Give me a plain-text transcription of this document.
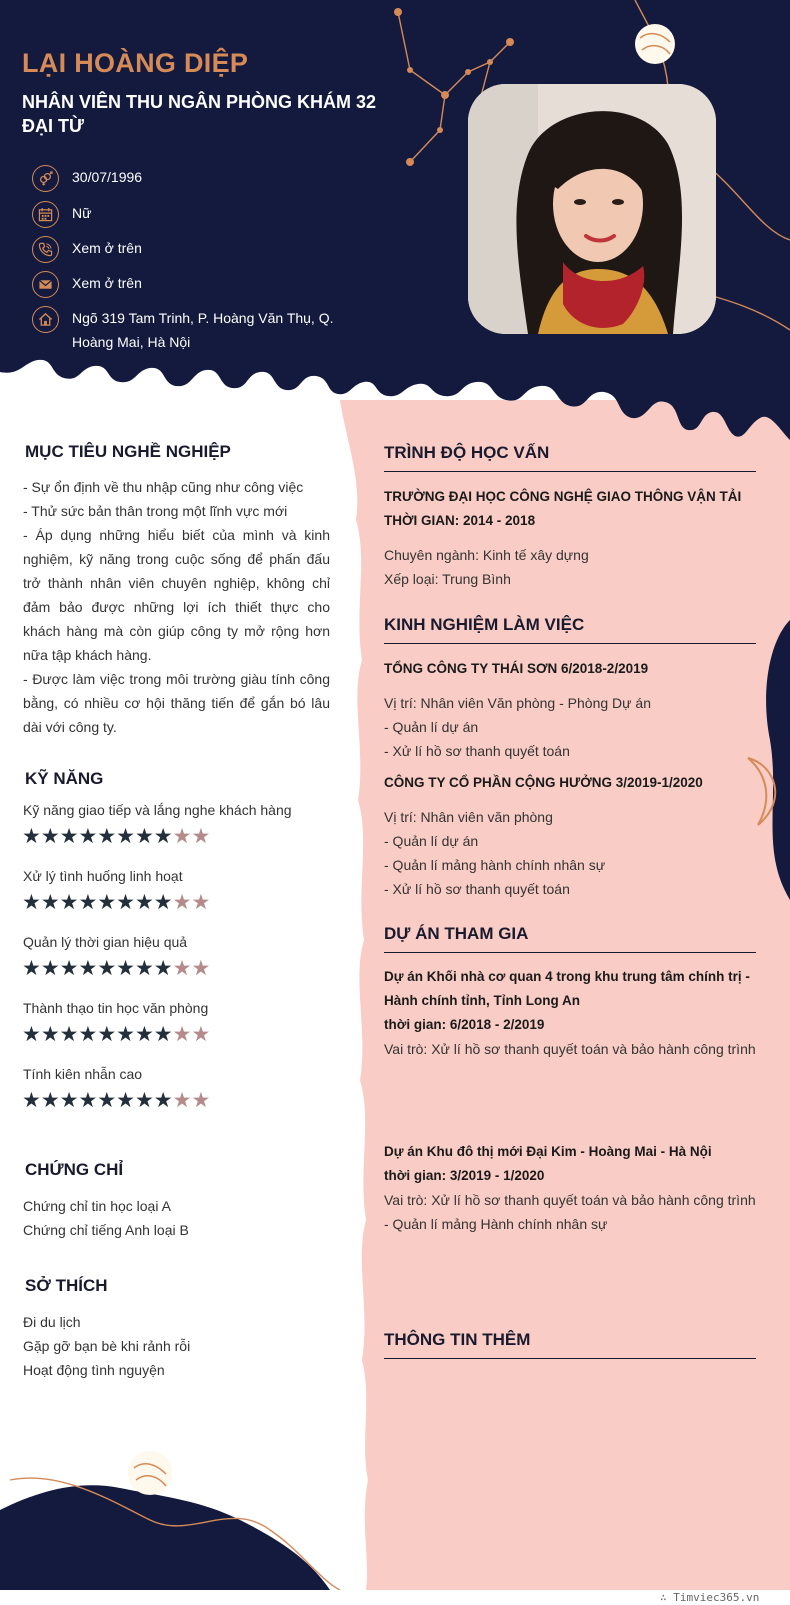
LẠI HOÀNG DIỆP
NHÂN VIÊN THU NGÂN PHÒNG KHÁM 32 ĐẠI TỪ
30/07/1996
Nữ
Xem ở trên
Xem ở trên
Ngõ 319 Tam Trinh, P. Hoàng Văn Thụ, Q. Hoàng Mai, Hà Nội
MỤC TIÊU NGHỀ NGHIỆP
- Sự ổn định về thu nhập cũng như công việc
- Thử sức bản thân trong một lĩnh vực mới
- Áp dụng những hiểu biết của mình và kinh nghiệm, kỹ năng trong cuộc sống để phấn đấu trở thành nhân viên chuyên nghiệp, không chỉ đảm bảo được những lợi ích thiết thực cho khách hàng mà còn giúp công ty mở rộng hơn nữa tập khách hàng.
- Được làm việc trong môi trường giàu tính công bằng, có nhiều cơ hội thăng tiến để gắn bó lâu dài với công ty.
KỸ NĂNG
Kỹ năng giao tiếp và lắng nghe khách hàng
★ ★ ★ ★ ★ ★ ★ ★ ★ ★
Xử lý tình huống linh hoạt
★ ★ ★ ★ ★ ★ ★ ★ ★ ★
Quản lý thời gian hiệu quả
★ ★ ★ ★ ★ ★ ★ ★ ★ ★
Thành thạo tin học văn phòng
★ ★ ★ ★ ★ ★ ★ ★ ★ ★
Tính kiên nhẫn cao
★ ★ ★ ★ ★ ★ ★ ★ ★ ★
CHỨNG CHỈ
Chứng chỉ tin học loại A
Chứng chỉ tiếng Anh loại B
SỞ THÍCH
Đi du lịch
Gặp gỡ bạn bè khi rảnh rỗi
Hoạt động tình nguyện
TRÌNH ĐỘ HỌC VẤN
TRƯỜNG ĐẠI HỌC CÔNG NGHỆ GIAO THÔNG VẬN TẢI
THỜI GIAN: 2014 - 2018
Chuyên ngành: Kinh tế xây dựng
Xếp loại: Trung Bình
KINH NGHIỆM LÀM VIỆC
TỔNG CÔNG TY THÁI SƠN 6/2018-2/2019
Vị trí: Nhân viên Văn phòng - Phòng Dự án
- Quản lí dự án
- Xử lí hồ sơ thanh quyết toán
CÔNG TY CỔ PHẦN CỘNG HƯỞNG 3/2019-1/2020
Vị trí: Nhân viên văn phòng
- Quản lí dự án
- Quản lí mảng hành chính nhân sự
- Xử lí hồ sơ thanh quyết toán
DỰ ÁN THAM GIA
Dự án Khối nhà cơ quan 4 trong khu trung tâm chính trị - Hành chính tỉnh, Tỉnh Long An
thời gian: 6/2018 - 2/2019
Vai trò: Xử lí hồ sơ thanh quyết toán và bảo hành công trình
Dự án Khu đô thị mới Đại Kim - Hoàng Mai - Hà Nội
thời gian: 3/2019 - 1/2020
Vai trò: Xử lí hồ sơ thanh quyết toán và bảo hành công trình
- Quản lí mảng Hành chính nhân sự
THÔNG TIN THÊM
∴ Timviec365.vn
